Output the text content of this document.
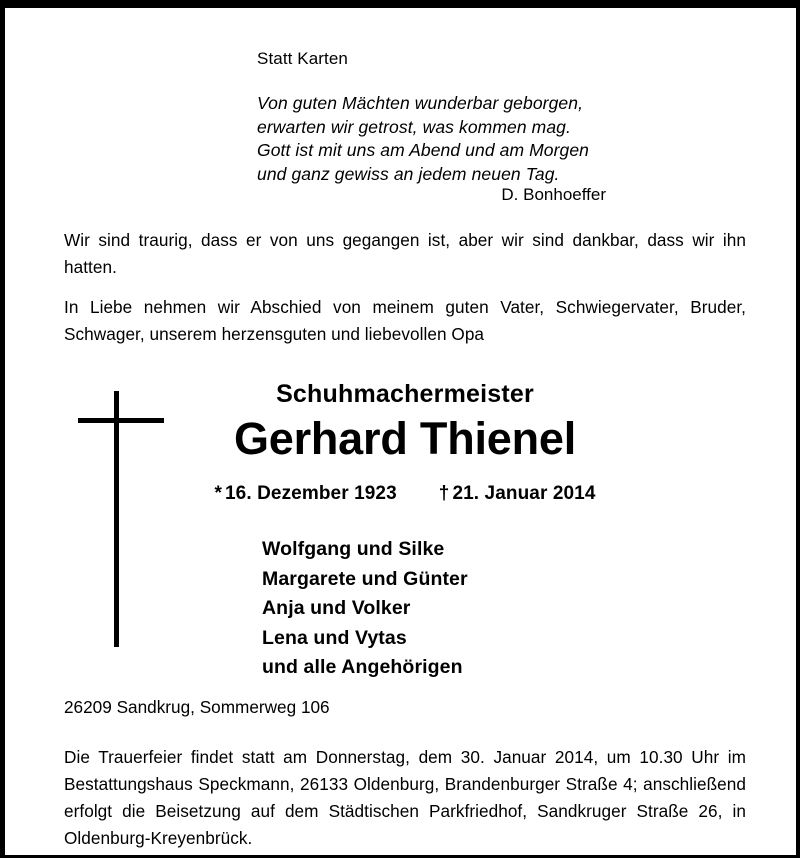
Statt Karten
Von guten Mächten wunderbar geborgen,
erwarten wir getrost, was kommen mag.
Gott ist mit uns am Abend und am Morgen
und ganz gewiss an jedem neuen Tag.
D. Bonhoeffer
Wir sind traurig, dass er von uns gegangen ist, aber wir sind dankbar, dass wir ihn hatten.
In Liebe nehmen wir Abschied von meinem guten Vater, Schwiegervater, Bruder, Schwager, unserem herzensguten und liebevollen Opa
Schuhmachermeister
Gerhard Thienel
* 16. Dezember 1923 † 21. Januar 2014
Wolfgang und Silke
Margarete und Günter
Anja und Volker
Lena und Vytas
und alle Angehörigen
26209 Sandkrug, Sommerweg 106
Die Trauerfeier findet statt am Donnerstag, dem 30. Januar 2014, um 10.30 Uhr im Bestattungshaus Speckmann, 26133 Oldenburg, Brandenburger Straße 4; anschließend erfolgt die Beisetzung auf dem Städtischen Parkfriedhof, Sandkruger Straße 26, in Oldenburg-Kreyenbrück.
